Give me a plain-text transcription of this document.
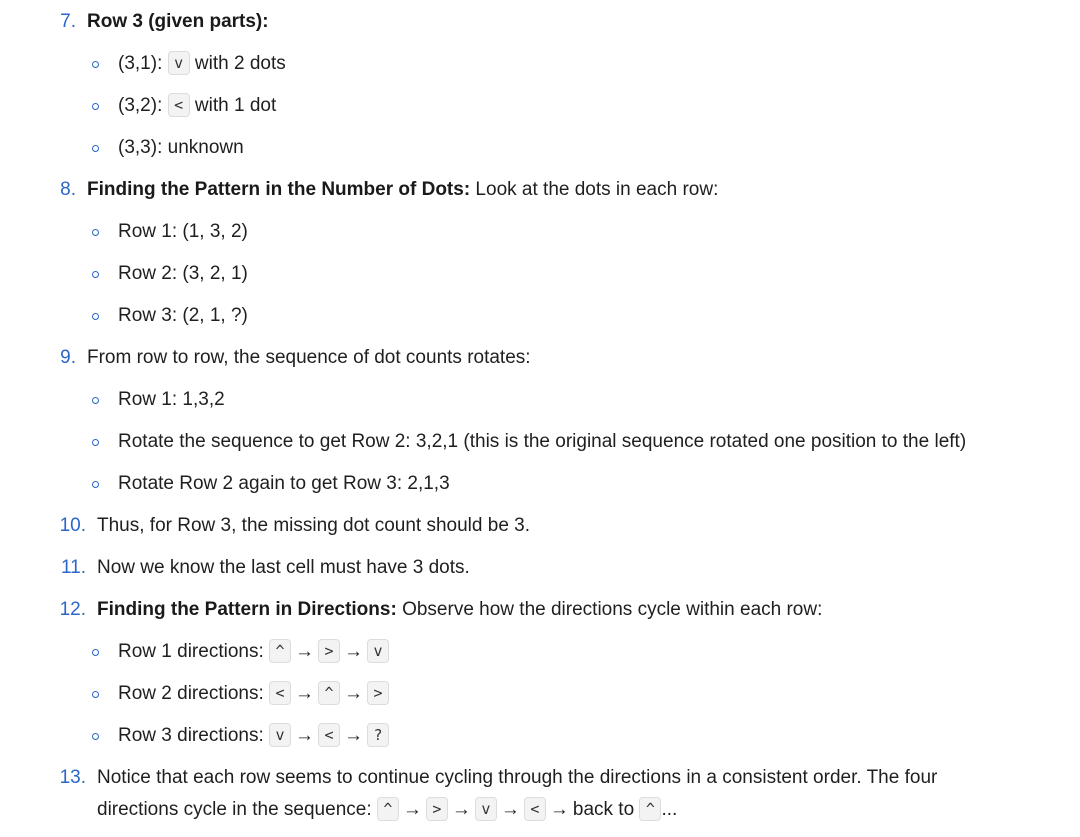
7. Row 3 (given parts):
(3,1): v with 2 dots
(3,2): < with 1 dot
(3,3): unknown
8. Finding the Pattern in the Number of Dots: Look at the dots in each row:
Row 1: (1, 3, 2)
Row 2: (3, 2, 1)
Row 3: (2, 1, ?)
9. From row to row, the sequence of dot counts rotates:
Row 1: 1,3,2
Rotate the sequence to get Row 2: 3,2,1 (this is the original sequence rotated one position to the left)
Rotate Row 2 again to get Row 3: 2,1,3
10. Thus, for Row 3, the missing dot count should be 3.
11. Now we know the last cell must have 3 dots.
12. Finding the Pattern in Directions: Observe how the directions cycle within each row:
Row 1 directions: ^ → > → v
Row 2 directions: < → ^ → >
Row 3 directions: v → < → ?
13. Notice that each row seems to continue cycling through the directions in a consistent order. The four
directions cycle in the sequence: ^ → > → v → < → back to ^ ...
